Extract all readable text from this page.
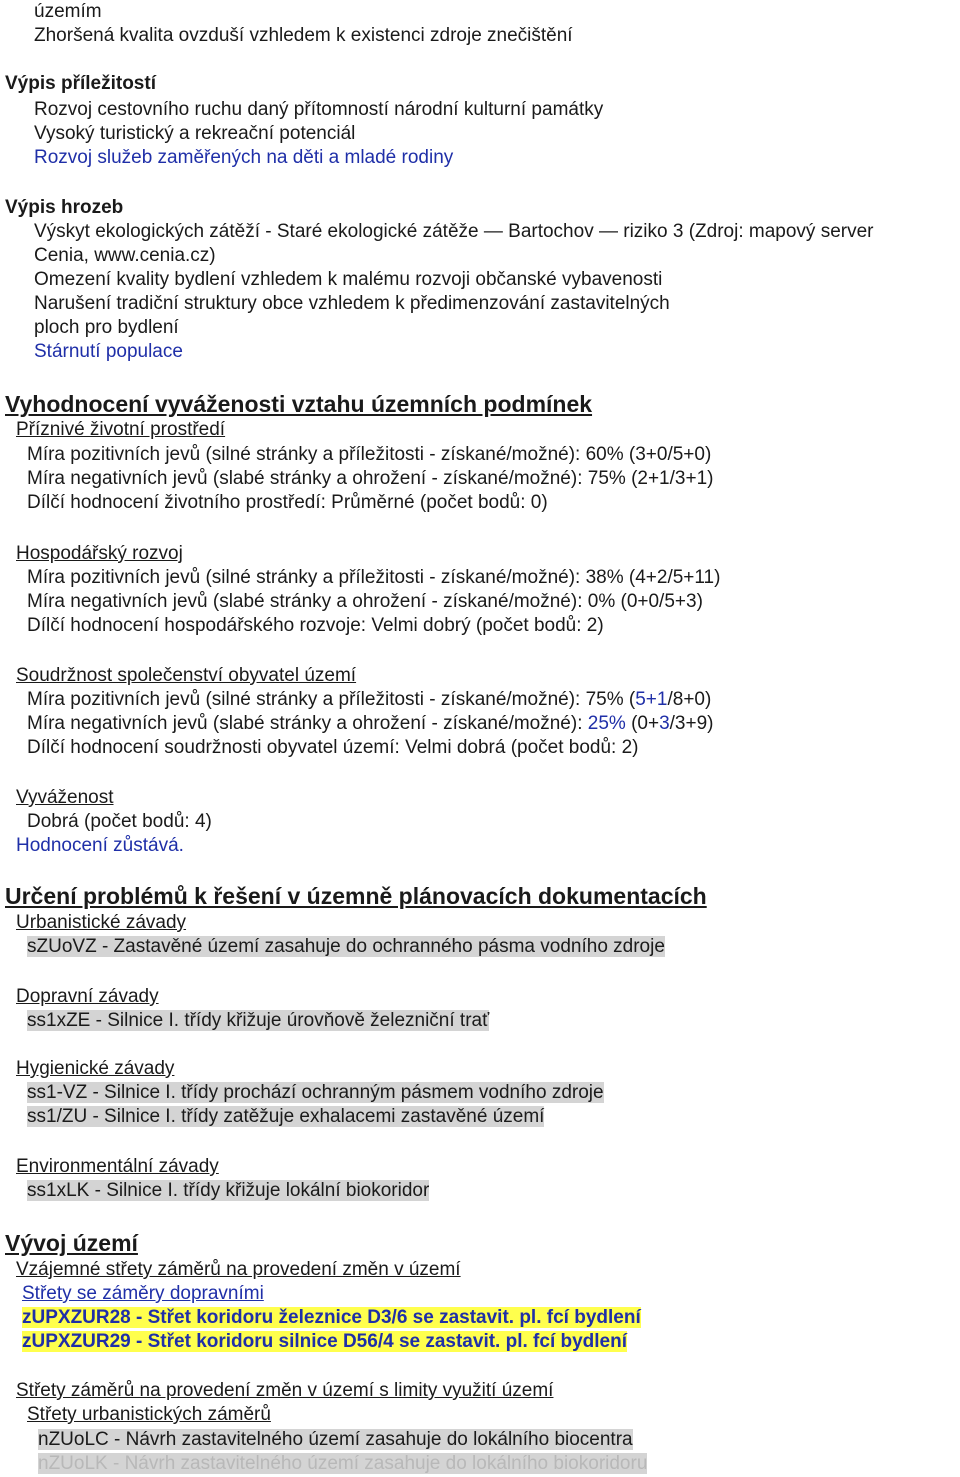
územím
Zhoršená kvalita ovzduší vzhledem k existenci zdroje znečištění
Výpis příležitostí
Rozvoj cestovního ruchu daný přítomností národní kulturní památky
Vysoký turistický a rekreační potenciál
Rozvoj služeb zaměřených na děti a mladé rodiny
Výpis hrozeb
Výskyt ekologických zátěží - Staré ekologické zátěže — Bartochov — riziko 3 (Zdroj: mapový server
Cenia, www.cenia.cz)
Omezení kvality bydlení vzhledem k malému rozvoji občanské vybavenosti
Narušení tradiční struktury obce vzhledem k předimenzování zastavitelných
ploch pro bydlení
Stárnutí populace
Vyhodnocení vyváženosti vztahu územních podmínek
Příznivé životní prostředí
Míra pozitivních jevů (silné stránky a příležitosti - získané/možné): 60% (3+0/5+0)
Míra negativních jevů (slabé stránky a ohrožení - získané/možné): 75% (2+1/3+1)
Dílčí hodnocení životního prostředí: Průměrné (počet bodů: 0)
Hospodářský rozvoj
Míra pozitivních jevů (silné stránky a příležitosti - získané/možné): 38% (4+2/5+11)
Míra negativních jevů (slabé stránky a ohrožení - získané/možné): 0% (0+0/5+3)
Dílčí hodnocení hospodářského rozvoje: Velmi dobrý (počet bodů: 2)
Soudržnost společenství obyvatel území
Míra pozitivních jevů (silné stránky a příležitosti - získané/možné): 75% (5+1/8+0)
Míra negativních jevů (slabé stránky a ohrožení - získané/možné): 25% (0+3/3+9)
Dílčí hodnocení soudržnosti obyvatel území: Velmi dobrá (počet bodů: 2)
Vyváženost
Dobrá (počet bodů: 4)
Hodnocení zůstává.
Určení problémů k řešení v územně plánovacích dokumentacích
Urbanistické závady
sZUoVZ - Zastavěné území zasahuje do ochranného pásma vodního zdroje
Dopravní závady
ss1xZE - Silnice I. třídy křižuje úrovňově železniční trať
Hygienické závady
ss1-VZ - Silnice I. třídy prochází ochranným pásmem vodního zdroje
ss1/ZU - Silnice I. třídy zatěžuje exhalacemi zastavěné území
Environmentální závady
ss1xLK - Silnice I. třídy křižuje lokální biokoridor
Vývoj území
Vzájemné střety záměrů na provedení změn v území
Střety se záměry dopravními
zUPXZUR28 - Střet koridoru železnice D3/6 se zastavit. pl. fcí bydlení
zUPXZUR29 - Střet koridoru silnice D56/4 se zastavit. pl. fcí bydlení
Střety záměrů na provedení změn v území s limity využití území
Střety urbanistických záměrů
nZUoLC - Návrh zastavitelného území zasahuje do lokálního biocentra
nZUoLK - Návrh zastavitelného území zasahuje do lokálního biokoridoru
